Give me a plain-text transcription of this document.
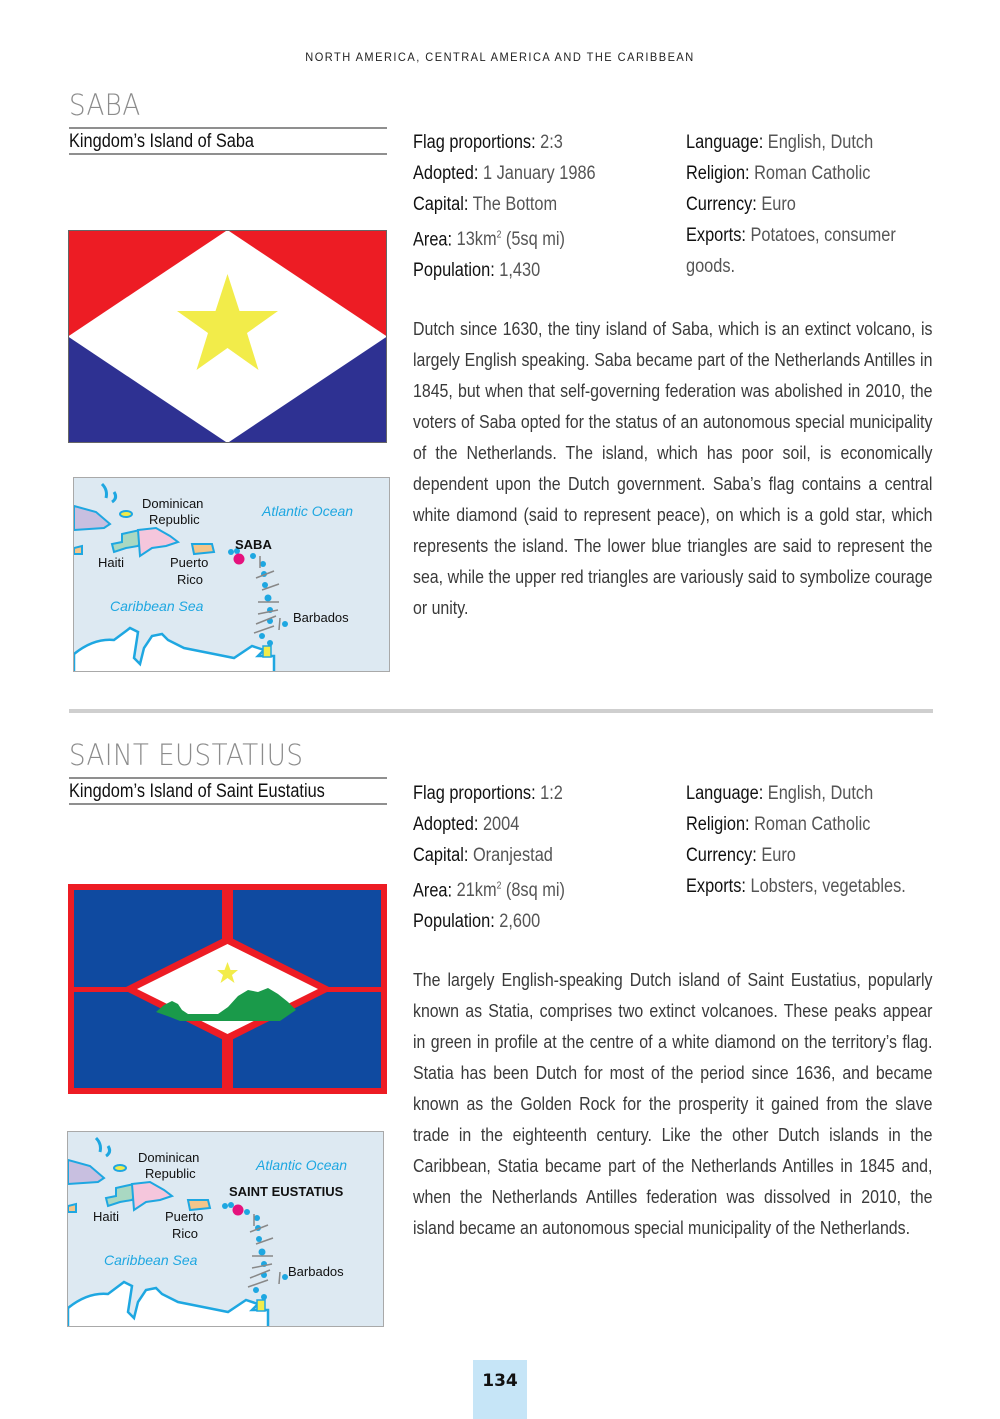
NORTH AMERICA, CENTRAL AMERICA AND THE CARIBBEAN
SABA
Kingdom’s Island of Saba	Flag proportions: 2:3
Adopted: 1 January 1986
Capital: The Bottom
Area: $13km^2$ (5sq mi)
Population: 1,430
Language: English, Dutch
Religion: Roman Catholic
Currency: Euro
Exports: Potatoes, consumer
goods.

Dutch since 1630, the tiny island of Saba, which is an extinct volcano, is largely English speaking. Saba became part of the Netherlands Antilles in 1845, but when that self-governing federation was abolished in 2010, the voters of Saba opted for the status of an autonomous special municipality of the Netherlands. The island, which has poor soil, is economically dependent upon the Dutch government. Saba’s flag contains a central white diamond (said to represent peace), on which is a gold star, which represents the island. The lower blue triangles are said to represent the sea, while the upper red triangles are variously said to symbolize courage or unity.

Dominican
Republic
Haiti	Puerto
Rico
Barbados
SABA
Atlantic Ocean
Caribbean Sea
SAINT EUSTATIUS
Kingdom’s Island of Saint Eustatius	Flag proportions: 1:2
Adopted: 2004
Capital: Oranjestad
Area: $21km^2$ (8sq mi)
Population: 2,600
Language: English, Dutch
Religion: Roman Catholic
Currency: Euro
Exports: Lobsters, vegetables.

The largely English-speaking Dutch island of Saint Eustatius, popularly known as Statia, comprises two extinct volcanoes. These peaks appear in green in profile at the centre of a white diamond on the territory’s flag. Statia has been Dutch for most of the period since 1636, and became known as the Golden Rock for the prosperity it gained from the slave trade in the eighteenth century. Like the other Dutch islands in the Caribbean, Statia became part of the Netherlands Antilles in 1845 and, when the Netherlands Antilles federation was dissolved in 2010, the island became an autonomous special municipality of the Netherlands.

Dominican
Republic
Haiti	Puerto
Rico
Barbados
SAINT EUSTATIUS
Atlantic Ocean
Caribbean Sea
134
